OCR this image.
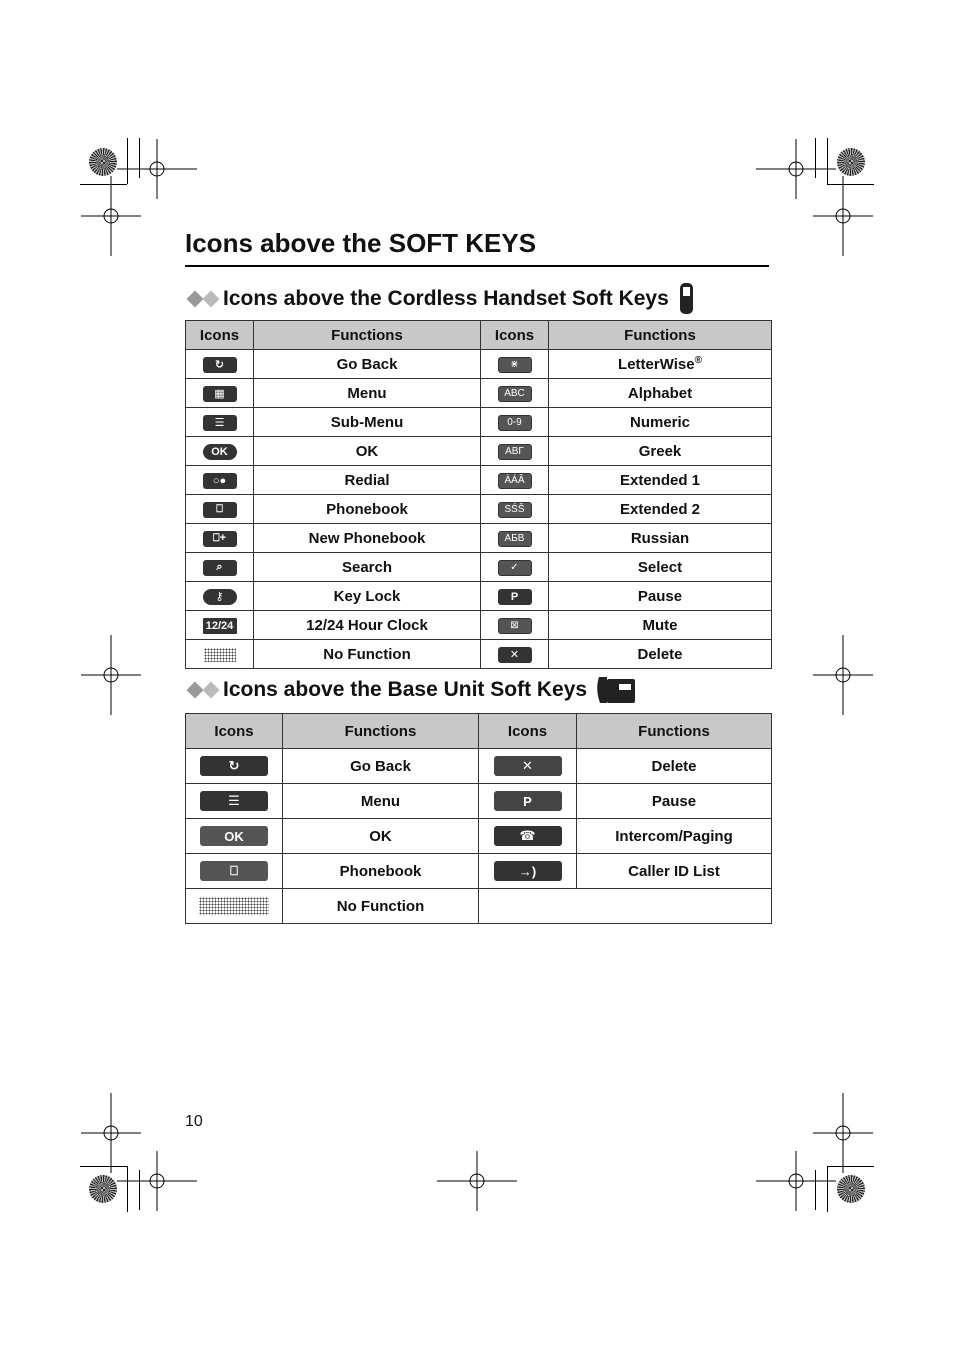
Icons above the SOFT KEYS
Icons above the Cordless Handset Soft Keys
Icons	Functions	Icons	Functions
↻	Go Back	⋇	LetterWise®
▦	Menu	ABC	Alphabet
☰	Sub-Menu	0-9	Numeric
OK	OK	ΑΒΓ	Greek
○●	Redial	ÀÁÂ	Extended 1
⎕	Phonebook	SŚŠ	Extended 2
⎕+	New Phonebook	АБВ	Russian
⌕	Search	✓	Select
⚷	Key Lock	P	Pause
12/24	12/24 Hour Clock	⊠	Mute
	No Function	✕	Delete
Icons above the Base Unit Soft Keys
Icons	Functions	Icons	Functions
↻	Go Back	✕	Delete
☰	Menu	P	Pause
OK	OK	☎	Intercom/Paging
⎕	Phonebook	→)	Caller ID List
	No Function		
10
